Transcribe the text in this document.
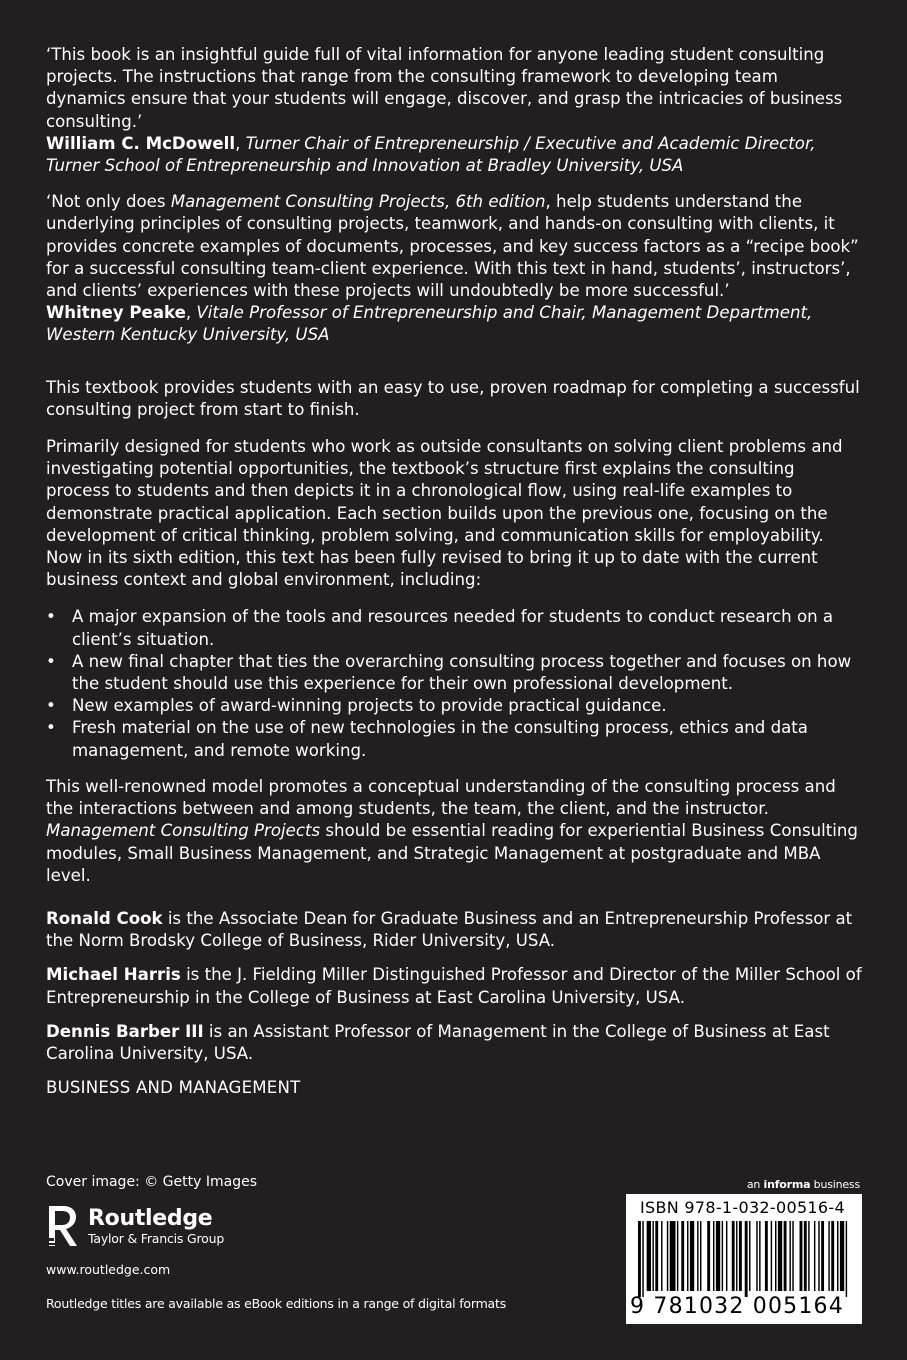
‘This book is an insightful guide full of vital information for anyone leading student consulting projects. The instructions that range from the consulting framework to developing team dynamics ensure that your students will engage, discover, and grasp the intricacies of business consulting.’

William C. McDowell, Turner Chair of Entrepreneurship / Executive and Academic Director, Turner School of Entrepreneurship and Innovation at Bradley University, USA

‘Not only does Management Consulting Projects, 6th edition, help students understand the underlying principles of consulting projects, teamwork, and hands-on consulting with clients, it provides concrete examples of documents, processes, and key success factors as a “recipe book” for a successful consulting team-client experience. With this text in hand, students’, instructors’, and clients’ experiences with these projects will undoubtedly be more successful.’

Whitney Peake, Vitale Professor of Entrepreneurship and Chair, Management Department, Western Kentucky University, USA

This textbook provides students with an easy to use, proven roadmap for completing a successful consulting project from start to finish.

Primarily designed for students who work as outside consultants on solving client problems and investigating potential opportunities, the textbook’s structure first explains the consulting process to students and then depicts it in a chronological flow, using real-life examples to demonstrate practical application. Each section builds upon the previous one, focusing on the development of critical thinking, problem solving, and communication skills for employability. Now in its sixth edition, this text has been fully revised to bring it up to date with the current business context and global environment, including:

• A major expansion of the tools and resources needed for students to conduct research on a client’s situation.
• A new final chapter that ties the overarching consulting process together and focuses on how the student should use this experience for their own professional development.
• New examples of award-winning projects to provide practical guidance.
• Fresh material on the use of new technologies in the consulting process, ethics and data management, and remote working.

This well-renowned model promotes a conceptual understanding of the consulting process and the interactions between and among students, the team, the client, and the instructor. Management Consulting Projects should be essential reading for experiential Business Consulting modules, Small Business Management, and Strategic Management at postgraduate and MBA level.

Ronald Cook is the Associate Dean for Graduate Business and an Entrepreneurship Professor at the Norm Brodsky College of Business, Rider University, USA.

Michael Harris is the J. Fielding Miller Distinguished Professor and Director of the Miller School of Entrepreneurship in the College of Business at East Carolina University, USA.

Dennis Barber III is an Assistant Professor of Management in the College of Business at East Carolina University, USA.

BUSINESS AND MANAGEMENT

Cover image: © Getty Images
Routledge
Taylor & Francis Group
www.routledge.com
Routledge titles are available as eBook editions in a range of digital formats
an informa business
ISBN 978-1-032-00516-4
9 781032 005164
